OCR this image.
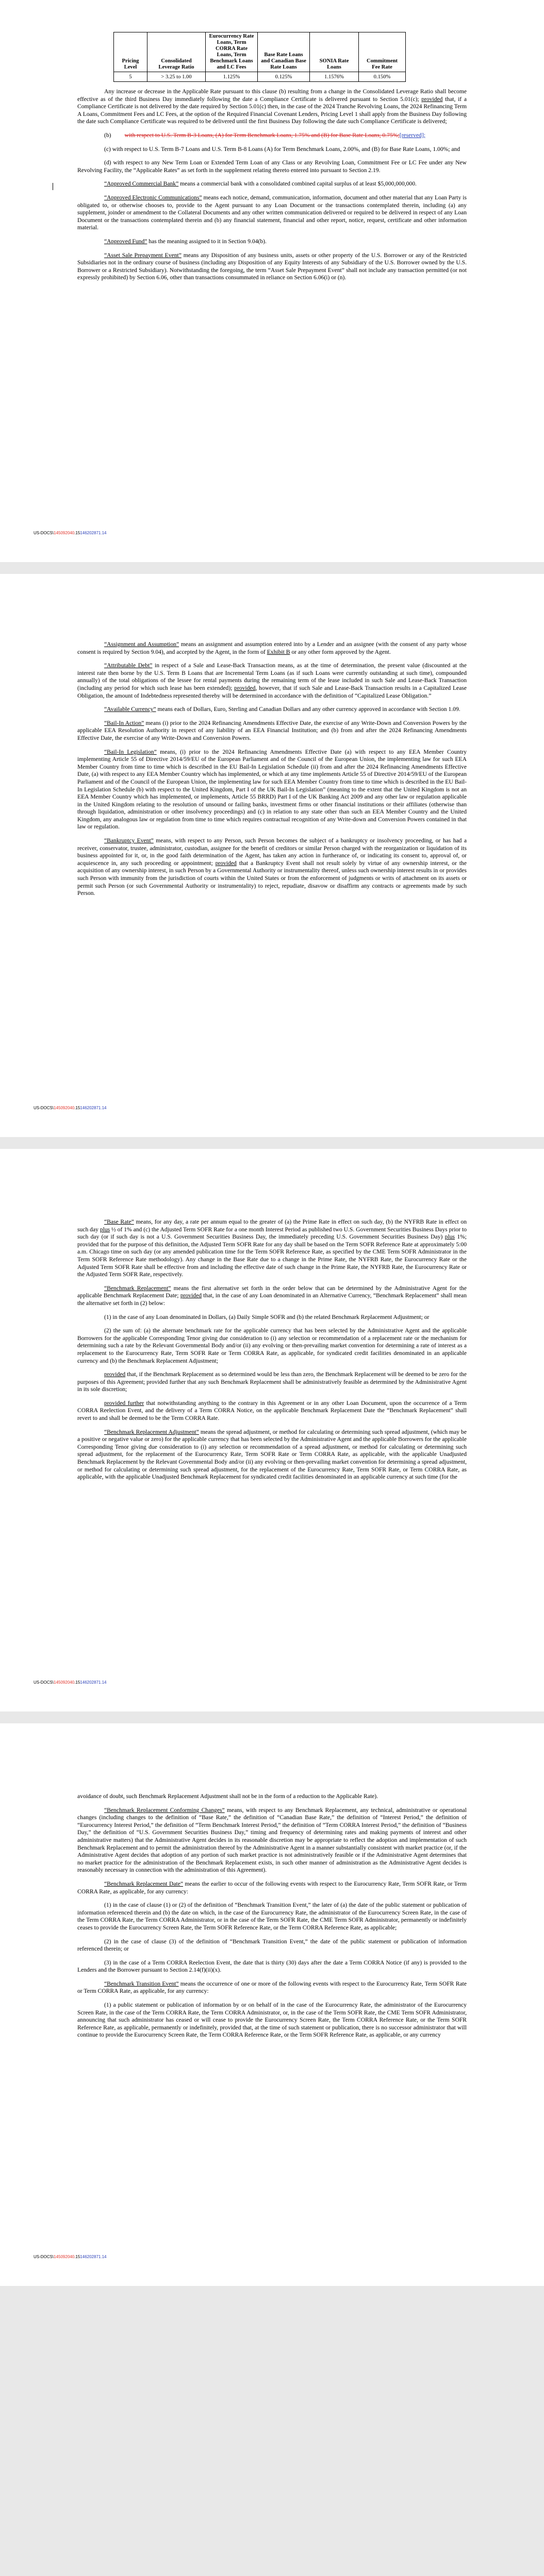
Pricing Level	Consolidated Leverage Ratio	Eurocurrency Rate Loans, Term CORRA Rate Loans, Term Benchmark Loans and LC Fees	Base Rate Loans and Canadian Base Rate Loans	SONIA Rate Loans	Commitment Fee Rate
5	> 3.25 to 1.00	1.125%	0.125%	1.1576%	0.150%

Any increase or decrease in the Applicable Rate pursuant to this clause (b) resulting from a change in the Consolidated Leverage Ratio shall become effective as of the third Business Day immediately following the date a Compliance Certificate is delivered pursuant to Section 5.01(c); provided that, if a Compliance Certificate is not delivered by the date required by Section 5.01(c) then, in the case of the 2024 Tranche Revolving Loans, the 2024 Refinancing Term A Loans, Commitment Fees and LC Fees, at the option of the Required Financial Covenant Lenders, Pricing Level 1 shall apply from the Business Day following the date such Compliance Certificate was required to be delivered until the first Business Day following the date such Compliance Certificate is delivered;

(b) with respect to U.S. Term B-3 Loans, (A) for Term Benchmark Loans, 1.75% and (B) for Base Rate Loans, 0.75%;[reserved];

(c) with respect to U.S. Term B-7 Loans and U.S. Term B-8 Loans (A) for Term Benchmark Loans, 2.00%, and (B) for Base Rate Loans, 1.00%; and

(d) with respect to any New Term Loan or Extended Term Loan of any Class or any Revolving Loan, Commitment Fee or LC Fee under any New Revolving Facility, the “Applicable Rates” as set forth in the supplement relating thereto entered into pursuant to Section 2.19.

“Approved Commercial Bank” means a commercial bank with a consolidated combined capital surplus of at least $5,000,000,000.

“Approved Electronic Communications” means each notice, demand, communication, information, document and other material that any Loan Party is obligated to, or otherwise chooses to, provide to the Agent pursuant to any Loan Document or the transactions contemplated therein, including (a) any supplement, joinder or amendment to the Collateral Documents and any other written communication delivered or required to be delivered in respect of any Loan Document or the transactions contemplated therein and (b) any financial statement, financial and other report, notice, request, certificate and other information material.

“Approved Fund” has the meaning assigned to it in Section 9.04(b).

“Asset Sale Prepayment Event” means any Disposition of any business units, assets or other property of the U.S. Borrower or any of the Restricted Subsidiaries not in the ordinary course of business (including any Disposition of any Equity Interests of any Subsidiary of the U.S. Borrower owned by the U.S. Borrower or a Restricted Subsidiary). Notwithstanding the foregoing, the term “Asset Sale Prepayment Event” shall not include any transaction permitted (or not expressly prohibited) by Section 6.06, other than transactions consummated in reliance on Section 6.06(i) or (n).

US-DOCS\145092040.15146202871.14

“Assignment and Assumption” means an assignment and assumption entered into by a Lender and an assignee (with the consent of any party whose consent is required by Section 9.04), and accepted by the Agent, in the form of Exhibit B or any other form approved by the Agent.

“Attributable Debt” in respect of a Sale and Lease-Back Transaction means, as at the time of determination, the present value (discounted at the interest rate then borne by the U.S. Term B Loans that are Incremental Term Loans (as if such Loans were currently outstanding at such time), compounded annually) of the total obligations of the lessee for rental payments during the remaining term of the lease included in such Sale and Lease-Back Transaction (including any period for which such lease has been extended); provided, however, that if such Sale and Lease-Back Transaction results in a Capitalized Lease Obligation, the amount of Indebtedness represented thereby will be determined in accordance with the definition of “Capitalized Lease Obligation.”

“Available Currency” means each of Dollars, Euro, Sterling and Canadian Dollars and any other currency approved in accordance with Section 1.09.

“Bail-In Action” means (i) prior to the 2024 Refinancing Amendments Effective Date, the exercise of any Write-Down and Conversion Powers by the applicable EEA Resolution Authority in respect of any liability of an EEA Financial Institution; and (b) from and after the 2024 Refinancing Amendments Effective Date, the exercise of any Write-Down and Conversion Powers.

“Bail-In Legislation” means, (i) prior to the 2024 Refinancing Amendments Effective Date (a) with respect to any EEA Member Country implementing Article 55 of Directive 2014/59/EU of the European Parliament and of the Council of the European Union, the implementing law for such EEA Member Country from time to time which is described in the EU Bail-In Legislation Schedule (ii) from and after the 2024 Refinancing Amendments Effective Date, (a) with respect to any EEA Member Country which has implemented, or which at any time implements Article 55 of Directive 2014/59/EU of the European Parliament and of the Council of the European Union, the implementing law for such EEA Member Country from time to time which is described in the EU Bail-In Legislation Schedule (b) with respect to the United Kingdom, Part I of the UK Bail-In Legislation” (meaning to the extent that the United Kingdom is not an EEA Member Country which has implemented, or implements, Article 55 BRRD) Part I of the UK Banking Act 2009 and any other law or regulation applicable in the United Kingdom relating to the resolution of unsound or failing banks, investment firms or other financial institutions or their affiliates (otherwise than through liquidation, administration or other insolvency proceedings) and (c) in relation to any state other than such an EEA Member Country and the United Kingdom, any analogous law or regulation from time to time which requires contractual recognition of any Write-down and Conversion Powers contained in that law or regulation.

“Bankruptcy Event” means, with respect to any Person, such Person becomes the subject of a bankruptcy or insolvency proceeding, or has had a receiver, conservator, trustee, administrator, custodian, assignee for the benefit of creditors or similar Person charged with the reorganization or liquidation of its business appointed for it, or, in the good faith determination of the Agent, has taken any action in furtherance of, or indicating its consent to, approval of, or acquiescence in, any such proceeding or appointment; provided that a Bankruptcy Event shall not result solely by virtue of any ownership interest, or the acquisition of any ownership interest, in such Person by a Governmental Authority or instrumentality thereof, unless such ownership interest results in or provides such Person with immunity from the jurisdiction of courts within the United States or from the enforcement of judgments or writs of attachment on its assets or permit such Person (or such Governmental Authority or instrumentality) to reject, repudiate, disavow or disaffirm any contracts or agreements made by such Person.

US-DOCS\145092040.15146202871.14

“Base Rate” means, for any day, a rate per annum equal to the greater of (a) the Prime Rate in effect on such day, (b) the NYFRB Rate in effect on such day plus ½ of 1% and (c) the Adjusted Term SOFR Rate for a one month Interest Period as published two U.S. Government Securities Business Days prior to such day (or if such day is not a U.S. Government Securities Business Day, the immediately preceding U.S. Government Securities Business Day) plus 1%; provided that for the purpose of this definition, the Adjusted Term SOFR Rate for any day shall be based on the Term SOFR Reference Rate at approximately 5:00 a.m. Chicago time on such day (or any amended publication time for the Term SOFR Reference Rate, as specified by the CME Term SOFR Administrator in the Term SOFR Reference Rate methodology). Any change in the Base Rate due to a change in the Prime Rate, the NYFRB Rate, the Eurocurrency Rate or the Adjusted Term SOFR Rate shall be effective from and including the effective date of such change in the Prime Rate, the NYFRB Rate, the Eurocurrency Rate or the Adjusted Term SOFR Rate, respectively.

“Benchmark Replacement” means the first alternative set forth in the order below that can be determined by the Administrative Agent for the applicable Benchmark Replacement Date; provided that, in the case of any Loan denominated in an Alternative Currency, “Benchmark Replacement” shall mean the alternative set forth in (2) below:

(1) in the case of any Loan denominated in Dollars, (a) Daily Simple SOFR and (b) the related Benchmark Replacement Adjustment; or

(2) the sum of: (a) the alternate benchmark rate for the applicable currency that has been selected by the Administrative Agent and the applicable Borrowers for the applicable Corresponding Tenor giving due consideration to (i) any selection or recommendation of a replacement rate or the mechanism for determining such a rate by the Relevant Governmental Body and/or (ii) any evolving or then-prevailing market convention for determining a rate of interest as a replacement to the Eurocurrency Rate, Term SOFR Rate or Term CORRA Rate, as applicable, for syndicated credit facilities denominated in an applicable currency and (b) the Benchmark Replacement Adjustment;

provided that, if the Benchmark Replacement as so determined would be less than zero, the Benchmark Replacement will be deemed to be zero for the purposes of this Agreement; provided further that any such Benchmark Replacement shall be administratively feasible as determined by the Administrative Agent in its sole discretion;

provided further that notwithstanding anything to the contrary in this Agreement or in any other Loan Document, upon the occurrence of a Term CORRA Reelection Event, and the delivery of a Term CORRA Notice, on the applicable Benchmark Replacement Date the “Benchmark Replacement” shall revert to and shall be deemed to be the Term CORRA Rate.

“Benchmark Replacement Adjustment” means the spread adjustment, or method for calculating or determining such spread adjustment, (which may be a positive or negative value or zero) for the applicable currency that has been selected by the Administrative Agent and the applicable Borrowers for the applicable Corresponding Tenor giving due consideration to (i) any selection or recommendation of a spread adjustment, or method for calculating or determining such spread adjustment, for the replacement of the Eurocurrency Rate, Term SOFR Rate or Term CORRA Rate, as applicable, with the applicable Unadjusted Benchmark Replacement by the Relevant Governmental Body and/or (ii) any evolving or then-prevailing market convention for determining a spread adjustment, or method for calculating or determining such spread adjustment, for the replacement of the Eurocurrency Rate, Term SOFR Rate, or Term CORRA Rate, as applicable, with the applicable Unadjusted Benchmark Replacement for syndicated credit facilities denominated in an applicable currency at such time (for the

US-DOCS\145092040.15146202871.14

avoidance of doubt, such Benchmark Replacement Adjustment shall not be in the form of a reduction to the Applicable Rate).

“Benchmark Replacement Conforming Changes” means, with respect to any Benchmark Replacement, any technical, administrative or operational changes (including changes to the definition of “Base Rate,” the definition of “Canadian Base Rate,” the definition of “Interest Period,” the definition of “Eurocurrency Interest Period,” the definition of “Term Benchmark Interest Period,” the definition of “Term CORRA Interest Period,” the definition of “Business Day,” the definition of “U.S. Government Securities Business Day,” timing and frequency of determining rates and making payments of interest and other administrative matters) that the Administrative Agent decides in its reasonable discretion may be appropriate to reflect the adoption and implementation of such Benchmark Replacement and to permit the administration thereof by the Administrative Agent in a manner substantially consistent with market practice (or, if the Administrative Agent decides that adoption of any portion of such market practice is not administratively feasible or if the Administrative Agent determines that no market practice for the administration of the Benchmark Replacement exists, in such other manner of administration as the Administrative Agent decides is reasonably necessary in connection with the administration of this Agreement).

“Benchmark Replacement Date” means the earlier to occur of the following events with respect to the Eurocurrency Rate, Term SOFR Rate, or Term CORRA Rate, as applicable, for any currency:

(1) in the case of clause (1) or (2) of the definition of “Benchmark Transition Event,” the later of (a) the date of the public statement or publication of information referenced therein and (b) the date on which, in the case of the Eurocurrency Rate, the administrator of the Eurocurrency Screen Rate, in the case of the Term CORRA Rate, the Term CORRA Administrator, or in the case of the Term SOFR Rate, the CME Term SOFR Administrator, permanently or indefinitely ceases to provide the Eurocurrency Screen Rate, the Term SOFR Reference Rate, or the Term CORRA Reference Rate, as applicable;

(2) in the case of clause (3) of the definition of “Benchmark Transition Event,” the date of the public statement or publication of information referenced therein; or

(3) in the case of a Term CORRA Reelection Event, the date that is thirty (30) days after the date a Term CORRA Notice (if any) is provided to the Lenders and the Borrower pursuant to Section 2.14(f)(ii)(x).

“Benchmark Transition Event” means the occurrence of one or more of the following events with respect to the Eurocurrency Rate, Term SOFR Rate or Term CORRA Rate, as applicable, for any currency:

(1) a public statement or publication of information by or on behalf of in the case of the Eurocurrency Rate, the administrator of the Eurocurrency Screen Rate, in the case of the Term CORRA Rate, the Term CORRA Administrator, or, in the case of the Term SOFR Rate, the CME Term SOFR Administrator, announcing that such administrator has ceased or will cease to provide the Eurocurrency Screen Rate, the Term CORRA Reference Rate, or the Term SOFR Reference Rate, as applicable, permanently or indefinitely, provided that, at the time of such statement or publication, there is no successor administrator that will continue to provide the Eurocurrency Screen Rate, the Term CORRA Reference Rate, or the Term SOFR Reference Rate, as applicable, or any currency

US-DOCS\145092040.15146202871.14
